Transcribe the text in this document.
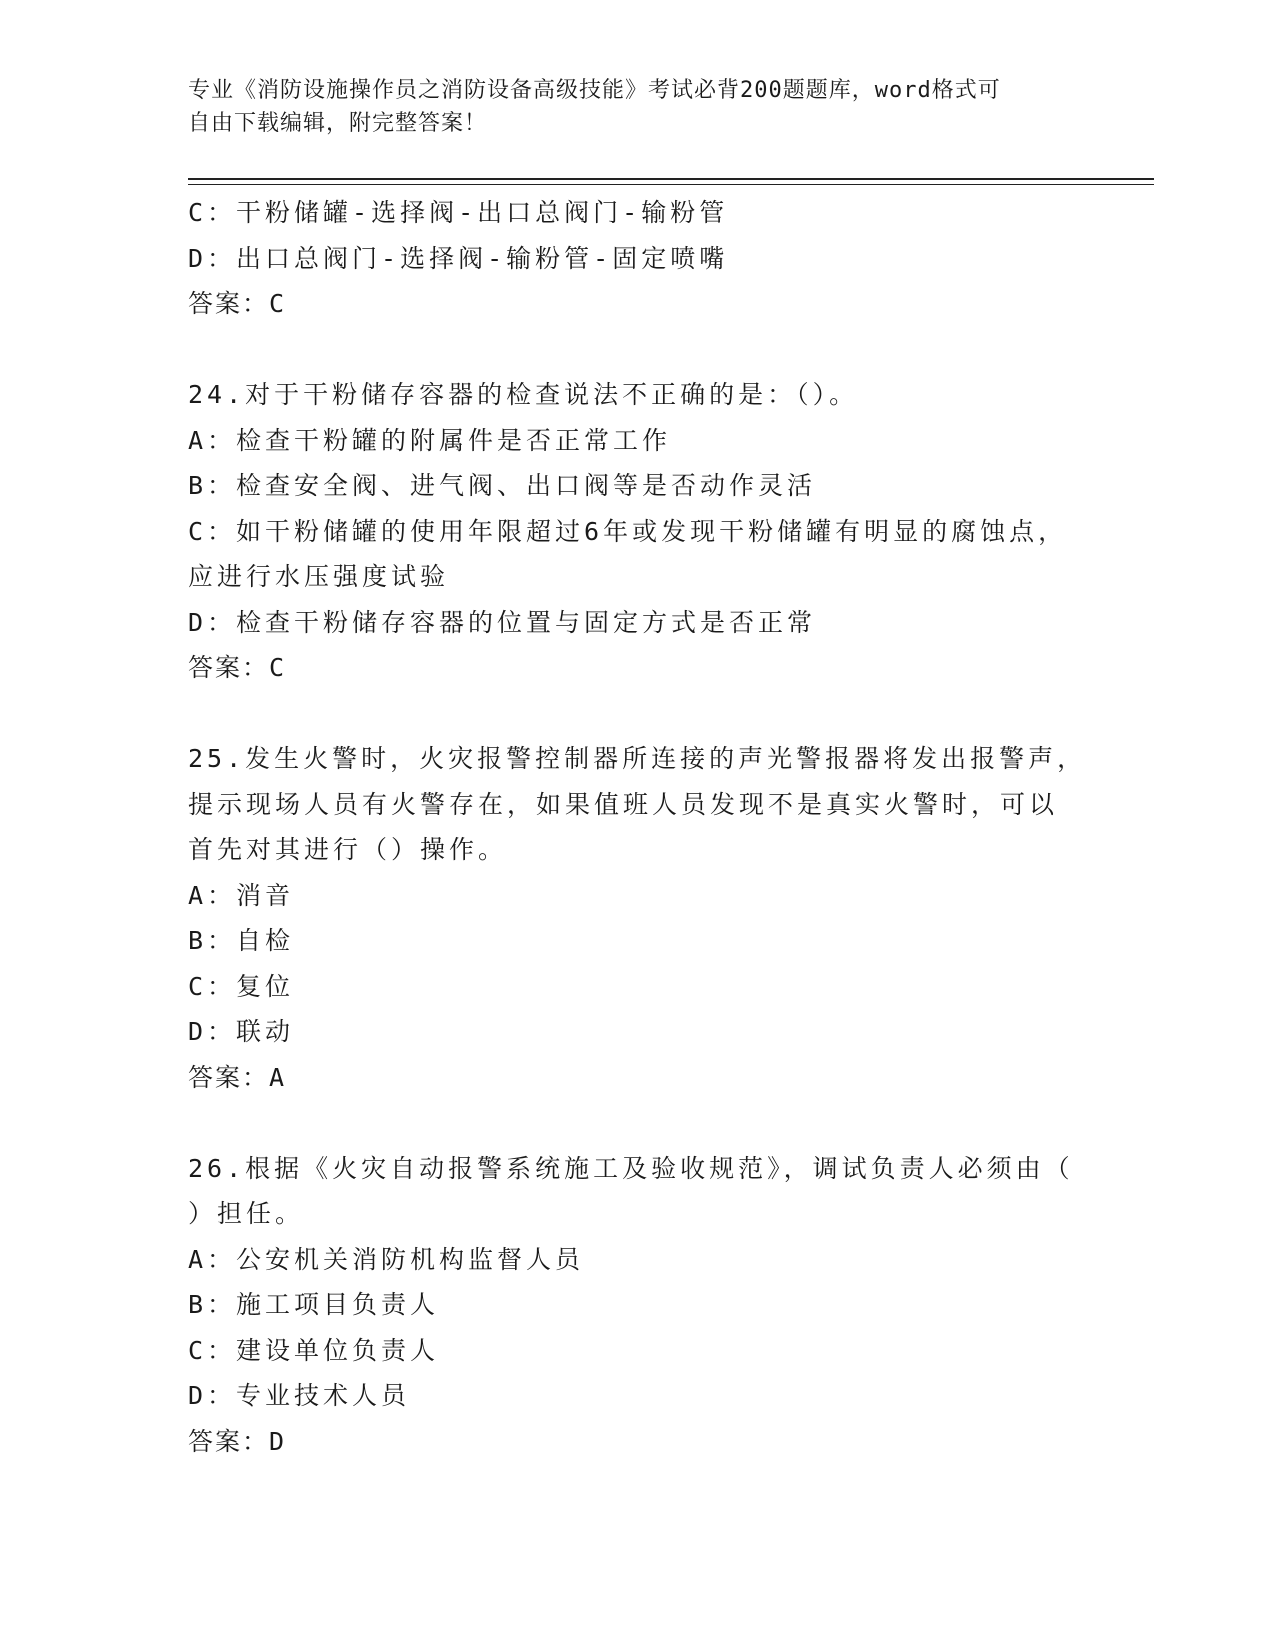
专业《消防设施操作员之消防设备高级技能》考试必背200题题库，word格式可
自由下载编辑，附完整答案！
C：干粉储罐-选择阀-出口总阀门-输粉管
D：出口总阀门-选择阀-输粉管-固定喷嘴
答案：C
24.对于干粉储存容器的检查说法不正确的是：（）。
A：检查干粉罐的附属件是否正常工作
B：检查安全阀、进气阀、出口阀等是否动作灵活
C：如干粉储罐的使用年限超过6年或发现干粉储罐有明显的腐蚀点，
应进行水压强度试验
D：检查干粉储存容器的位置与固定方式是否正常
答案：C
25.发生火警时，火灾报警控制器所连接的声光警报器将发出报警声，
提示现场人员有火警存在，如果值班人员发现不是真实火警时，可以
首先对其进行（）操作。
A：消音
B：自检
C：复位
D：联动
答案：A
26.根据《火灾自动报警系统施工及验收规范》，调试负责人必须由（
）担任。
A：公安机关消防机构监督人员
B：施工项目负责人
C：建设单位负责人
D：专业技术人员
答案：D
